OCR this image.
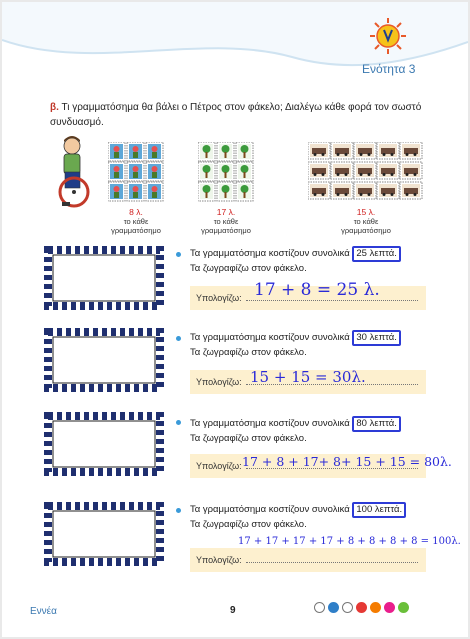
Ενότητα 3
β. Τι γραμματόσημα θα βάλει ο Πέτρος στον φάκελο; Διαλέγω κάθε φορά τον σωστό συνδυασμό.
8 λ.
το κάθε
γραμματόσημο
17 λ.
το κάθε
γραμματόσημο
15 λ.
το κάθε
γραμματόσημο
Τα γραμματόσημα κοστίζουν συνολικά 25 λεπτά.
Τα ζωγραφίζω στον φάκελο.
Υπολογίζω: 17 + 8 = 25 λ.
Τα γραμματόσημα κοστίζουν συνολικά 30 λεπτά.
Τα ζωγραφίζω στον φάκελο.
Υπολογίζω: 15 + 15 = 30λ.
Τα γραμματόσημα κοστίζουν συνολικά 80 λεπτά.
Τα ζωγραφίζω στον φάκελο.
Υπολογίζω: 17 + 8 + 17+ 8+ 15 + 15 = 80λ.
Τα γραμματόσημα κοστίζουν συνολικά 100 λεπτά.
Τα ζωγραφίζω στον φάκελο.
17 + 17 + 17 + 17 + 8 + 8 + 8 + 8 = 100λ.
Υπολογίζω:
Εννέα	9
